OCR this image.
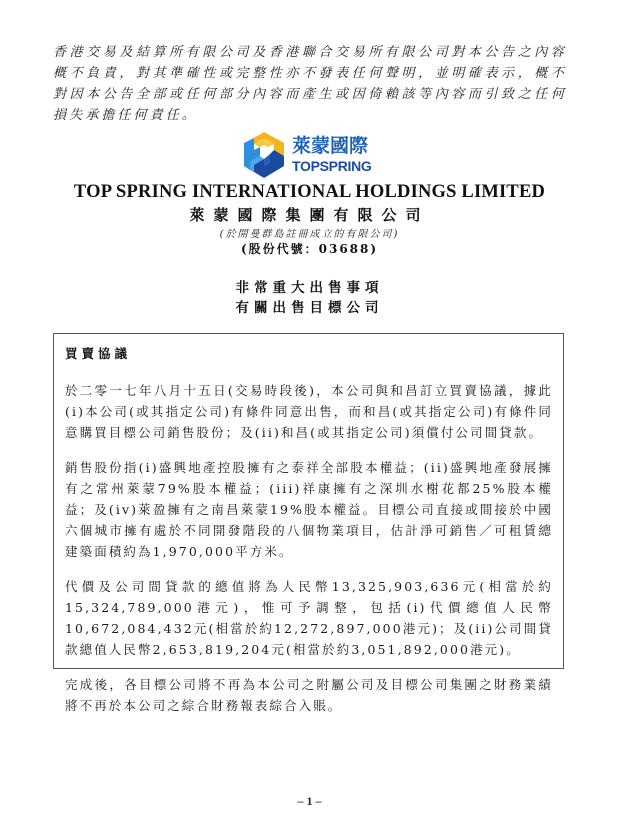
香港交易及結算所有限公司及香港聯合交易所有限公司對本公告之內容概不負責，對其準確性或完整性亦不發表任何聲明，並明確表示，概不對因本公告全部或任何部分內容而產生或因倚賴該等內容而引致之任何損失承擔任何責任。
萊蒙國際
TOPSPRING
TOP SPRING INTERNATIONAL HOLDINGS LIMITED
萊蒙國際集團有限公司
(於開曼群島註冊成立的有限公司)
(股份代號：03688)
非常重大出售事項
有關出售目標公司
買賣協議

於二零一七年八月十五日(交易時段後)，本公司與和昌訂立買賣協議，據此(i)本公司(或其指定公司)有條件同意出售，而和昌(或其指定公司)有條件同意購買目標公司銷售股份；及(ii)和昌(或其指定公司)須償付公司間貸款。

銷售股份指(i)盛興地產控股擁有之泰祥全部股本權益；(ii)盛興地產發展擁有之常州萊蒙79%股本權益；(iii)祥康擁有之深圳水榭花都25%股本權益；及(iv)萊盈擁有之南昌萊蒙19%股本權益。目標公司直接或間接於中國六個城市擁有處於不同開發階段的八個物業項目，估計淨可銷售／可租賃總建築面積約為1,970,000平方米。

代價及公司間貸款的總值將為人民幣13,325,903,636元(相當於約15,324,789,000港元)，惟可予調整，包括(i)代價總值人民幣10,672,084,432元(相當於約12,272,897,000港元)；及(ii)公司間貸款總值人民幣2,653,819,204元(相當於約3,051,892,000港元)。

完成後，各目標公司將不再為本公司之附屬公司及目標公司集團之財務業績將不再於本公司之綜合財務報表綜合入賬。

– 1 –
